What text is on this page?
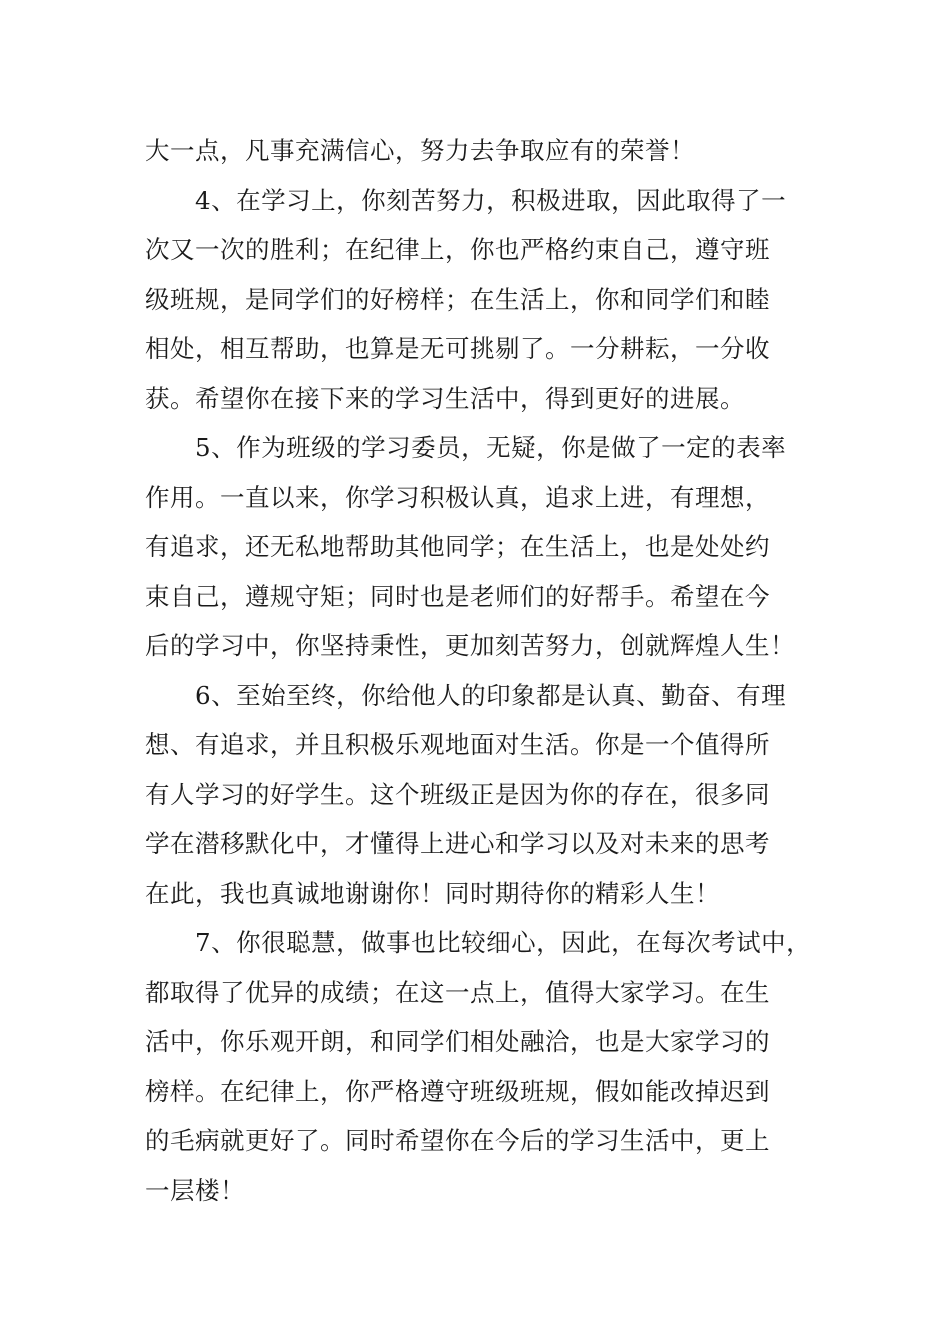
大一点，凡事充满信心，努力去争取应有的荣誉！
4、在学习上，你刻苦努力，积极进取，因此取得了一
次又一次的胜利；在纪律上，你也严格约束自己，遵守班
级班规，是同学们的好榜样；在生活上，你和同学们和睦
相处，相互帮助，也算是无可挑剔了。一分耕耘，一分收
获。希望你在接下来的学习生活中，得到更好的进展。
5、作为班级的学习委员，无疑，你是做了一定的表率
作用。一直以来，你学习积极认真，追求上进，有理想，
有追求，还无私地帮助其他同学；在生活上，也是处处约
束自己，遵规守矩；同时也是老师们的好帮手。希望在今
后的学习中，你坚持秉性，更加刻苦努力，创就辉煌人生！
6、至始至终，你给他人的印象都是认真、勤奋、有理
想、有追求，并且积极乐观地面对生活。你是一个值得所
有人学习的好学生。这个班级正是因为你的存在，很多同
学在潜移默化中，才懂得上进心和学习以及对未来的思考
在此，我也真诚地谢谢你！同时期待你的精彩人生！
7、你很聪慧，做事也比较细心，因此，在每次考试中，
都取得了优异的成绩；在这一点上，值得大家学习。在生
活中，你乐观开朗，和同学们相处融洽，也是大家学习的
榜样。在纪律上，你严格遵守班级班规，假如能改掉迟到
的毛病就更好了。同时希望你在今后的学习生活中，更上
一层楼！
